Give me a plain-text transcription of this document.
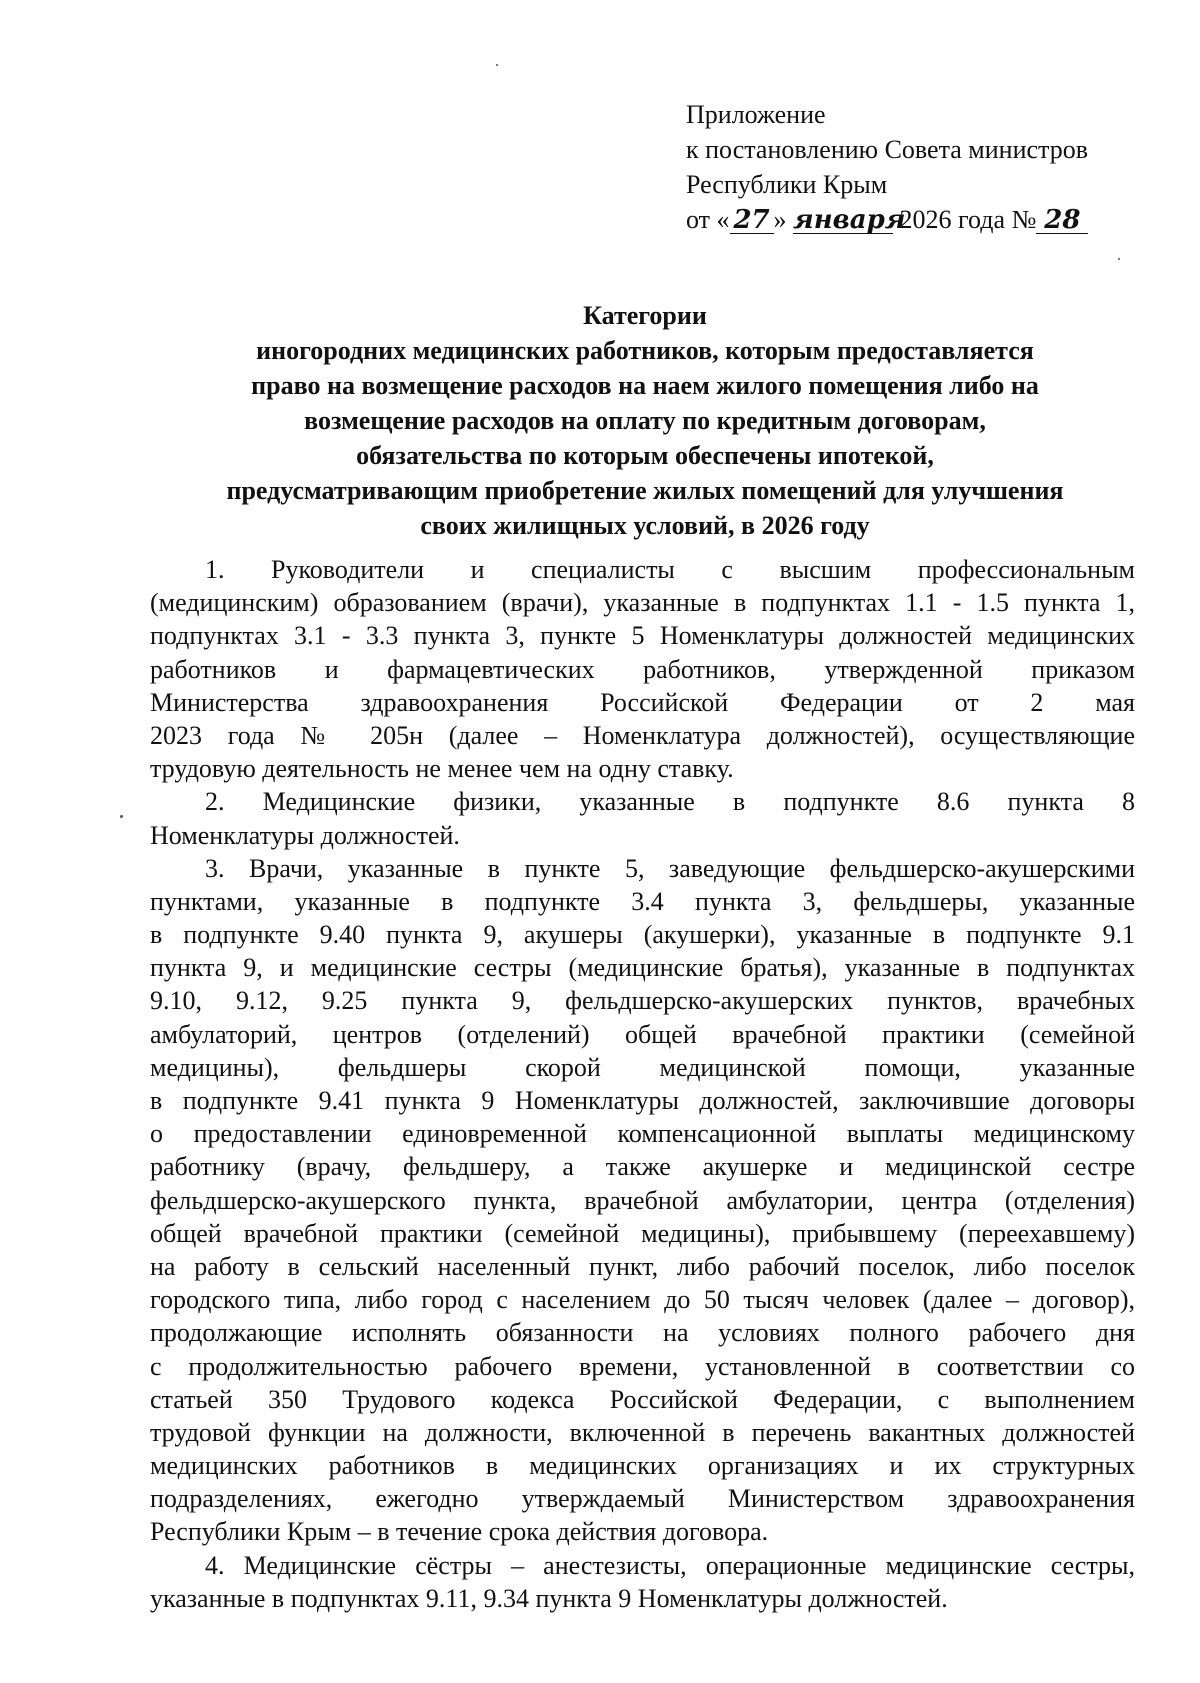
Приложение
к постановлению Совета министров
Республики Крым
от « 27 » января 2026 года № 28
Категории
иногородних медицинских работников, которым предоставляется
право на возмещение расходов на наем жилого помещения либо на
возмещение расходов на оплату по кредитным договорам,
обязательства по которым обеспечены ипотекой,
предусматривающим приобретение жилых помещений для улучшения
своих жилищных условий, в 2026 году
1. Руководители и специалисты с высшим профессиональным
(медицинским) образованием (врачи), указанные в подпунктах 1.1 - 1.5 пункта 1,
подпунктах 3.1 - 3.3 пункта 3, пункте 5 Номенклатуры должностей медицинских
работников и фармацевтических работников, утвержденной приказом
Министерства здравоохранения Российской Федерации от 2 мая
2023 года № 205н (далее – Номенклатура должностей), осуществляющие
трудовую деятельность не менее чем на одну ставку.
2. Медицинские физики, указанные в подпункте 8.6 пункта 8
Номенклатуры должностей.
3. Врачи, указанные в пункте 5, заведующие фельдшерско-акушерскими
пунктами, указанные в подпункте 3.4 пункта 3, фельдшеры, указанные
в подпункте 9.40 пункта 9, акушеры (акушерки), указанные в подпункте 9.1
пункта 9, и медицинские сестры (медицинские братья), указанные в подпунктах
9.10, 9.12, 9.25 пункта 9, фельдшерско-акушерских пунктов, врачебных
амбулаторий, центров (отделений) общей врачебной практики (семейной
медицины), фельдшеры скорой медицинской помощи, указанные
в подпункте 9.41 пункта 9 Номенклатуры должностей, заключившие договоры
о предоставлении единовременной компенсационной выплаты медицинскому
работнику (врачу, фельдшеру, а также акушерке и медицинской сестре
фельдшерско-акушерского пункта, врачебной амбулатории, центра (отделения)
общей врачебной практики (семейной медицины), прибывшему (переехавшему)
на работу в сельский населенный пункт, либо рабочий поселок, либо поселок
городского типа, либо город с населением до 50 тысяч человек (далее – договор),
продолжающие исполнять обязанности на условиях полного рабочего дня
с продолжительностью рабочего времени, установленной в соответствии со
статьей 350 Трудового кодекса Российской Федерации, с выполнением
трудовой функции на должности, включенной в перечень вакантных должностей
медицинских работников в медицинских организациях и их структурных
подразделениях, ежегодно утверждаемый Министерством здравоохранения
Республики Крым – в течение срока действия договора.
4. Медицинские сёстры – анестезисты, операционные медицинские сестры,
указанные в подпунктах 9.11, 9.34 пункта 9 Номенклатуры должностей.
